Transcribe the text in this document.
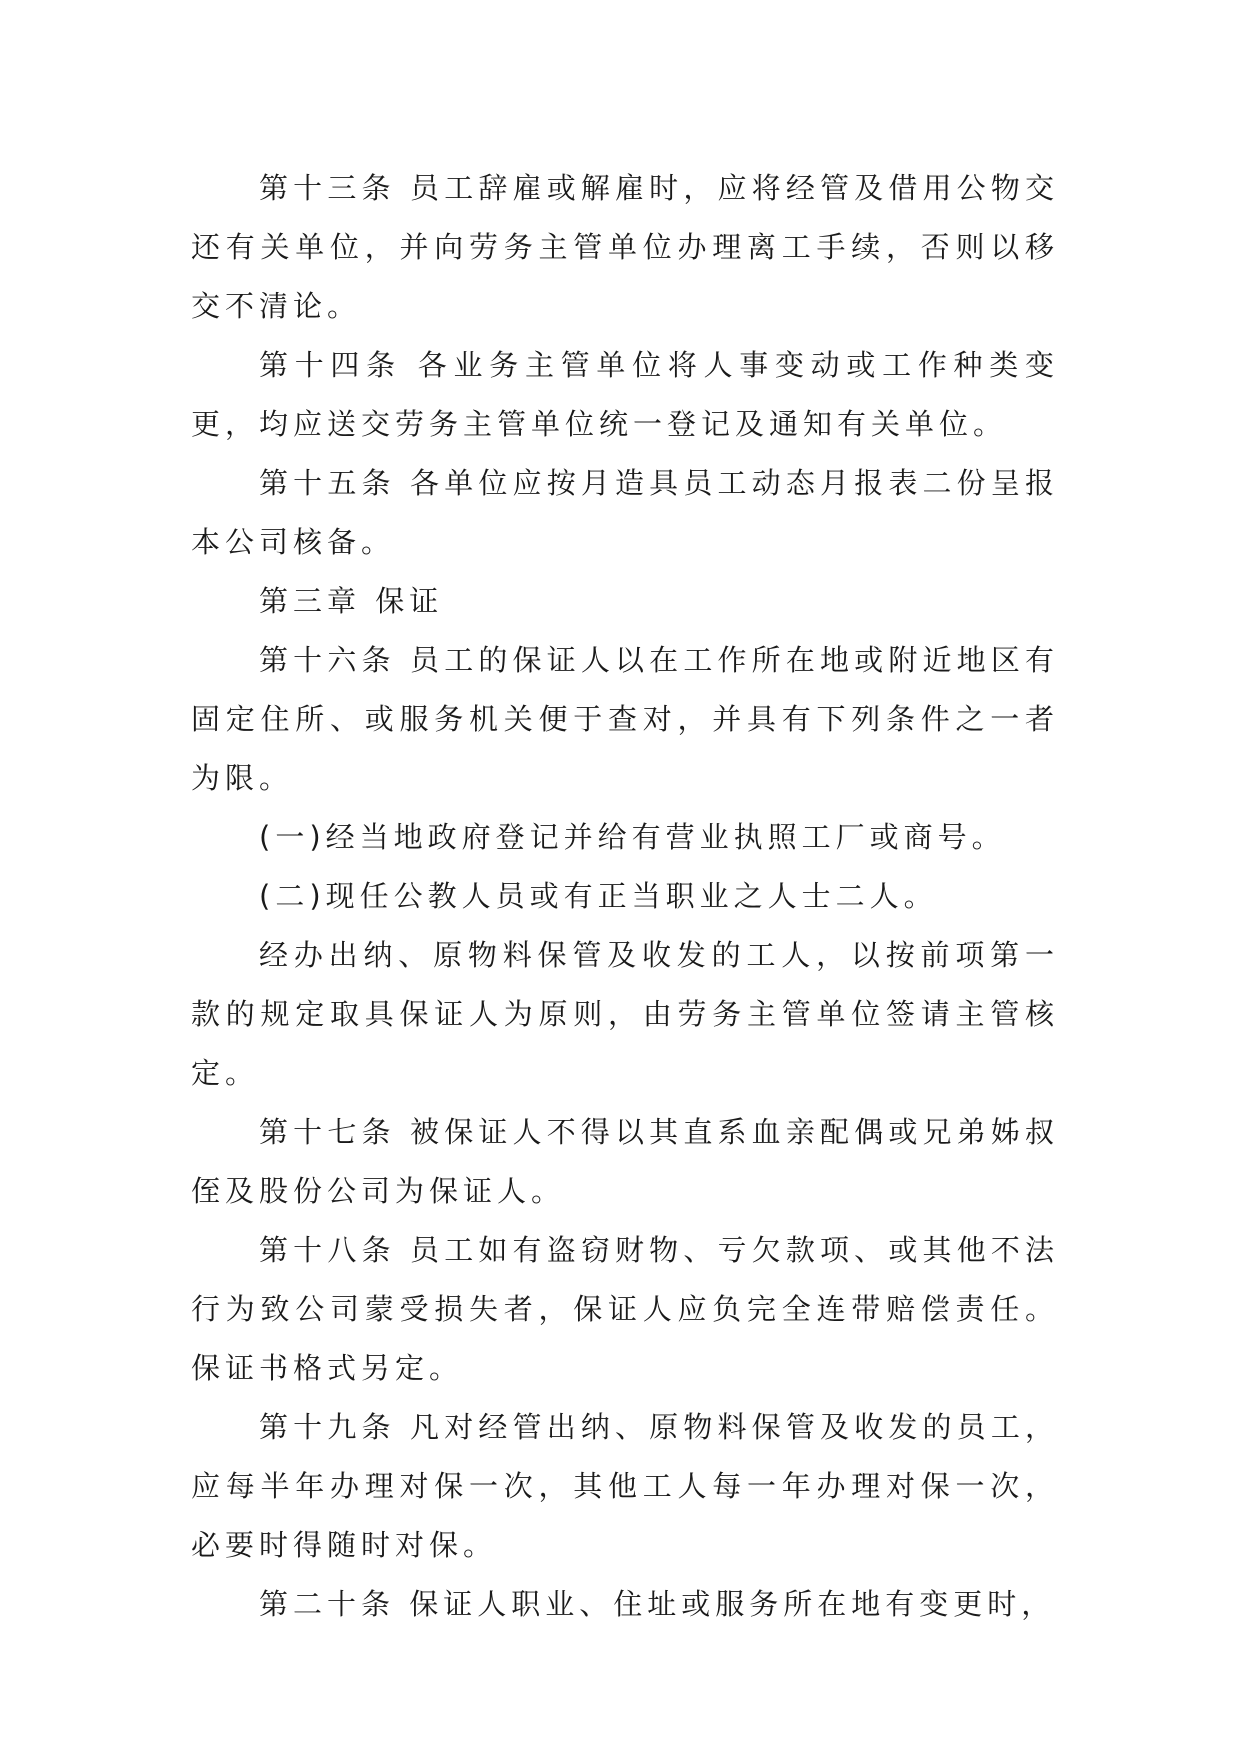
第十三条 员工辞雇或解雇时，应将经管及借用公物交还有关单位，并向劳务主管单位办理离工手续，否则以移交不清论。

第十四条 各业务主管单位将人事变动或工作种类变更，均应送交劳务主管单位统一登记及通知有关单位。

第十五条 各单位应按月造具员工动态月报表二份呈报本公司核备。

第三章 保证

第十六条 员工的保证人以在工作所在地或附近地区有固定住所、或服务机关便于查对，并具有下列条件之一者为限。

(一)经当地政府登记并给有营业执照工厂或商号。

(二)现任公教人员或有正当职业之人士二人。

经办出纳、原物料保管及收发的工人，以按前项第一款的规定取具保证人为原则，由劳务主管单位签请主管核定。

第十七条 被保证人不得以其直系血亲配偶或兄弟姊叔侄及股份公司为保证人。

第十八条 员工如有盗窃财物、亏欠款项、或其他不法行为致公司蒙受损失者，保证人应负完全连带赔偿责任。保证书格式另定。

第十九条 凡对经管出纳、原物料保管及收发的员工，应每半年办理对保一次，其他工人每一年办理对保一次，必要时得随时对保。

第二十条 保证人职业、住址或服务所在地有变更时，
